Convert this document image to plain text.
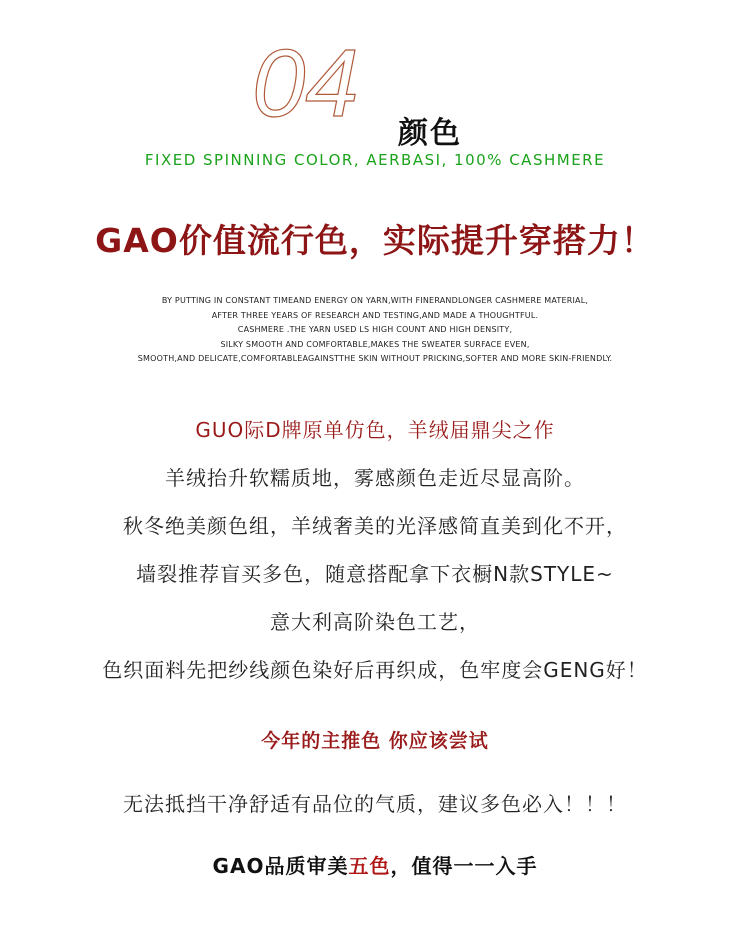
04 颜色
FIXED SPINNING COLOR, AERBASI, 100% CASHMERE
GAO价值流行色，实际提升穿搭力！
BY PUTTING IN CONSTANT TIMEAND ENERGY ON YARN,WITH FINERANDLONGER CASHMERE MATERIAL,
AFTER THREE YEARS OF RESEARCH AND TESTING,AND MADE A THOUGHTFUL.
CASHMERE .THE YARN USED LS HIGH COUNT AND HIGH DENSITY,
SILKY SMOOTH AND COMFORTABLE,MAKES THE SWEATER SURFACE EVEN,
SMOOTH,AND DELICATE,COMFORTABLEAGAINSTTHE SKIN WITHOUT PRICKING,SOFTER AND MORE SKIN-FRIENDLY.
GUO际D牌原单仿色，羊绒届鼎尖之作
羊绒抬升软糯质地，雾感颜色走近尽显高阶。
秋冬绝美颜色组，羊绒奢美的光泽感简直美到化不开，
墙裂推荐盲买多色，随意搭配拿下衣橱N款STYLE~
意大利高阶染色工艺，
色织面料先把纱线颜色染好后再织成，色牢度会GENG好！
今年的主推色 你应该尝试
无法抵挡干净舒适有品位的气质，建议多色必入！！！
GAO品质审美五色，值得一一入手
